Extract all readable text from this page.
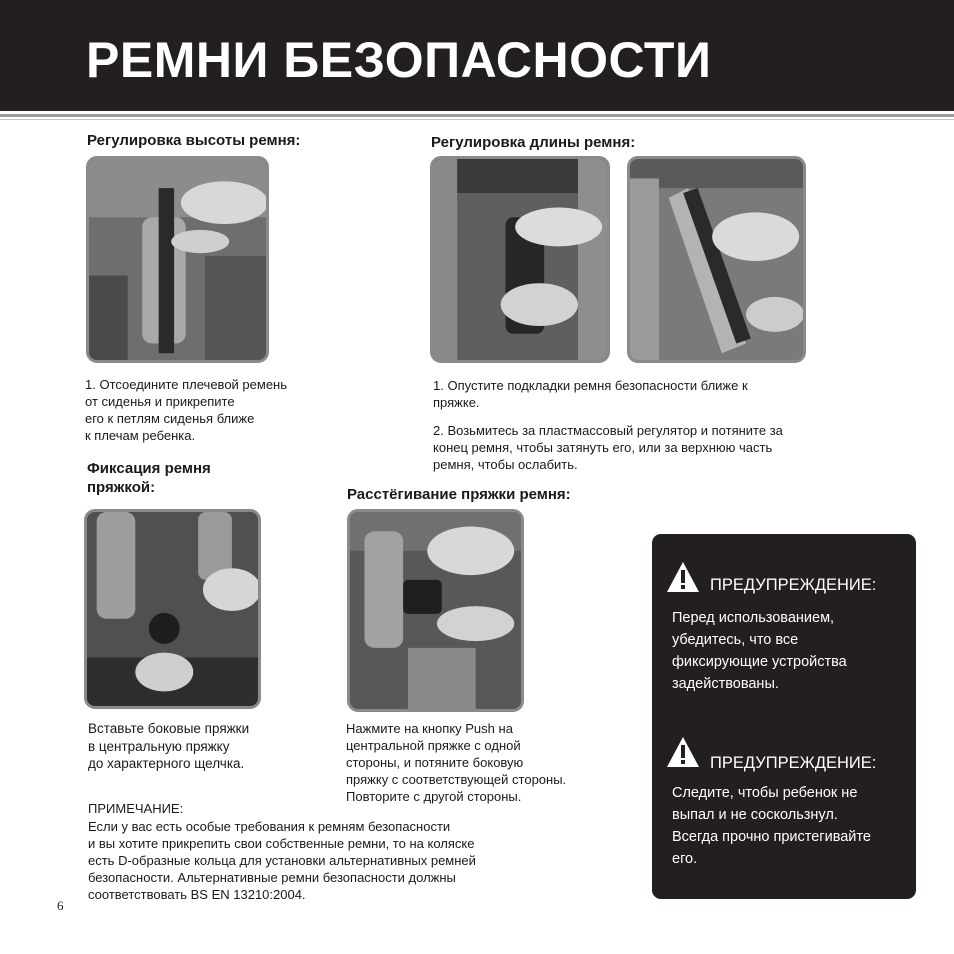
РЕМНИ БЕЗОПАСНОСТИ

Регулировка высоты ремня:

1. Отсоедините плечевой ремень
от сиденья и прикрепите
его к петлям сиденья ближе
к плечам ребенка.

Регулировка длины ремня:

1. Опустите подкладки ремня безопасности ближе к
пряжке.

2. Возьмитесь за пластмассовый регулятор и потяните за
конец ремня, чтобы затянуть его, или за верхнюю часть
ремня, чтобы ослабить.

Фиксация ремня
пряжкой:

Вставьте боковые пряжки
в центральную пряжку
до характерного щелчка.

Расстёгивание пряжки ремня:

Нажмите на кнопку Push на
центральной пряжке с одной
стороны, и потяните боковую
пряжку с соответствующей стороны.
Повторите с другой стороны.

ПРИМЕЧАНИЕ:

Если у вас есть особые требования к ремням безопасности
и вы хотите прикрепить свои собственные ремни, то на коляске
есть D-образные кольца для установки альтернативных ремней
безопасности. Альтернативные ремни безопасности должны
соответствовать BS EN 13210:2004.

ПРЕДУПРЕЖДЕНИЕ:

Перед использованием,
убедитесь, что все
фиксирующие устройства
задействованы.

ПРЕДУПРЕЖДЕНИЕ:

Следите, чтобы ребенок не
выпал и не соскользнул.
Всегда прочно пристегивайте
его.

6
